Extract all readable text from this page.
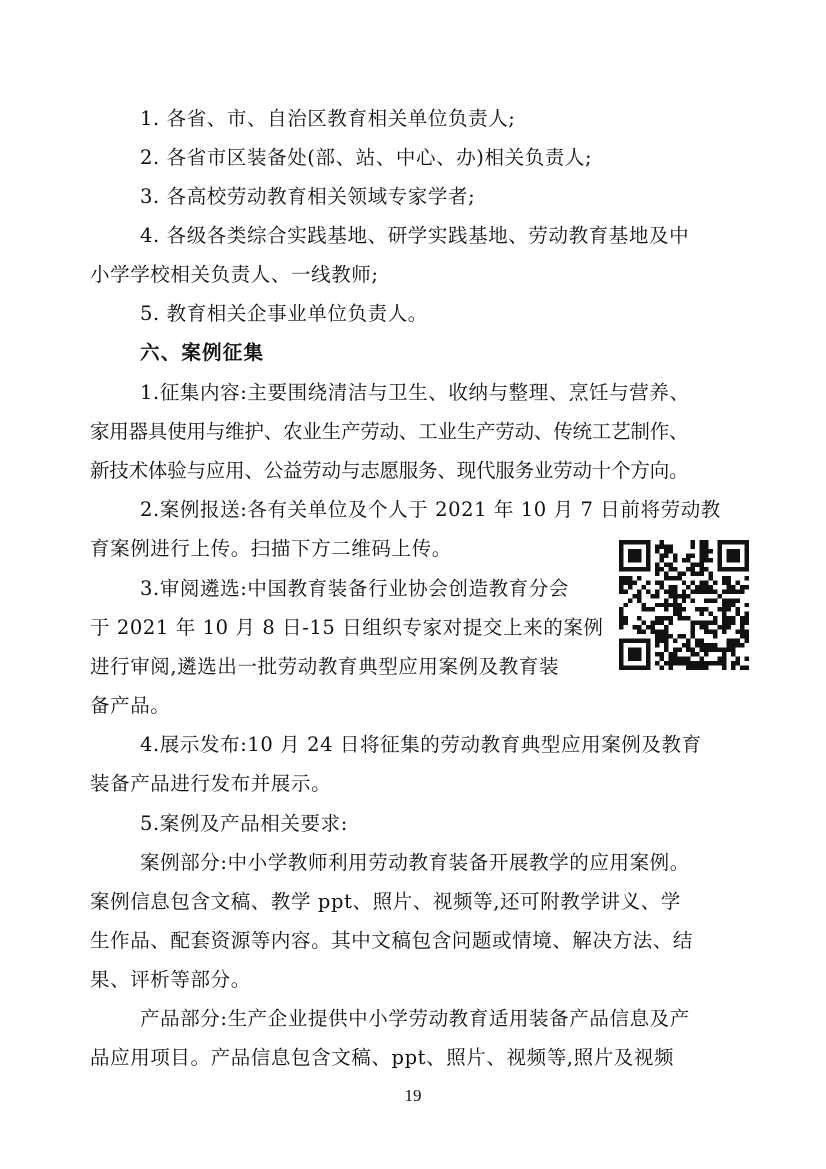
1. 各省、市、自治区教育相关单位负责人;
2. 各省市区装备处(部、站、中心、办)相关负责人;
3. 各高校劳动教育相关领域专家学者;
4. 各级各类综合实践基地、研学实践基地、劳动教育基地及中
小学学校相关负责人、一线教师;
5. 教育相关企事业单位负责人。
六、案例征集
1.征集内容:主要围绕清洁与卫生、收纳与整理、烹饪与营养、
家用器具使用与维护、农业生产劳动、工业生产劳动、传统工艺制作、
新技术体验与应用、公益劳动与志愿服务、现代服务业劳动十个方向。
2.案例报送:各有关单位及个人于 2021 年 10 月 7 日前将劳动教
育案例进行上传。扫描下方二维码上传。
3.审阅遴选:中国教育装备行业协会创造教育分会
于 2021 年 10 月 8 日-15 日组织专家对提交上来的案例
进行审阅,遴选出一批劳动教育典型应用案例及教育装
备产品。
4.展示发布:10 月 24 日将征集的劳动教育典型应用案例及教育
装备产品进行发布并展示。
5.案例及产品相关要求:
案例部分:中小学教师利用劳动教育装备开展教学的应用案例。
案例信息包含文稿、教学 ppt、照片、视频等,还可附教学讲义、学
生作品、配套资源等内容。其中文稿包含问题或情境、解决方法、结
果、评析等部分。
产品部分:生产企业提供中小学劳动教育适用装备产品信息及产
品应用项目。产品信息包含文稿、ppt、照片、视频等,照片及视频
19
